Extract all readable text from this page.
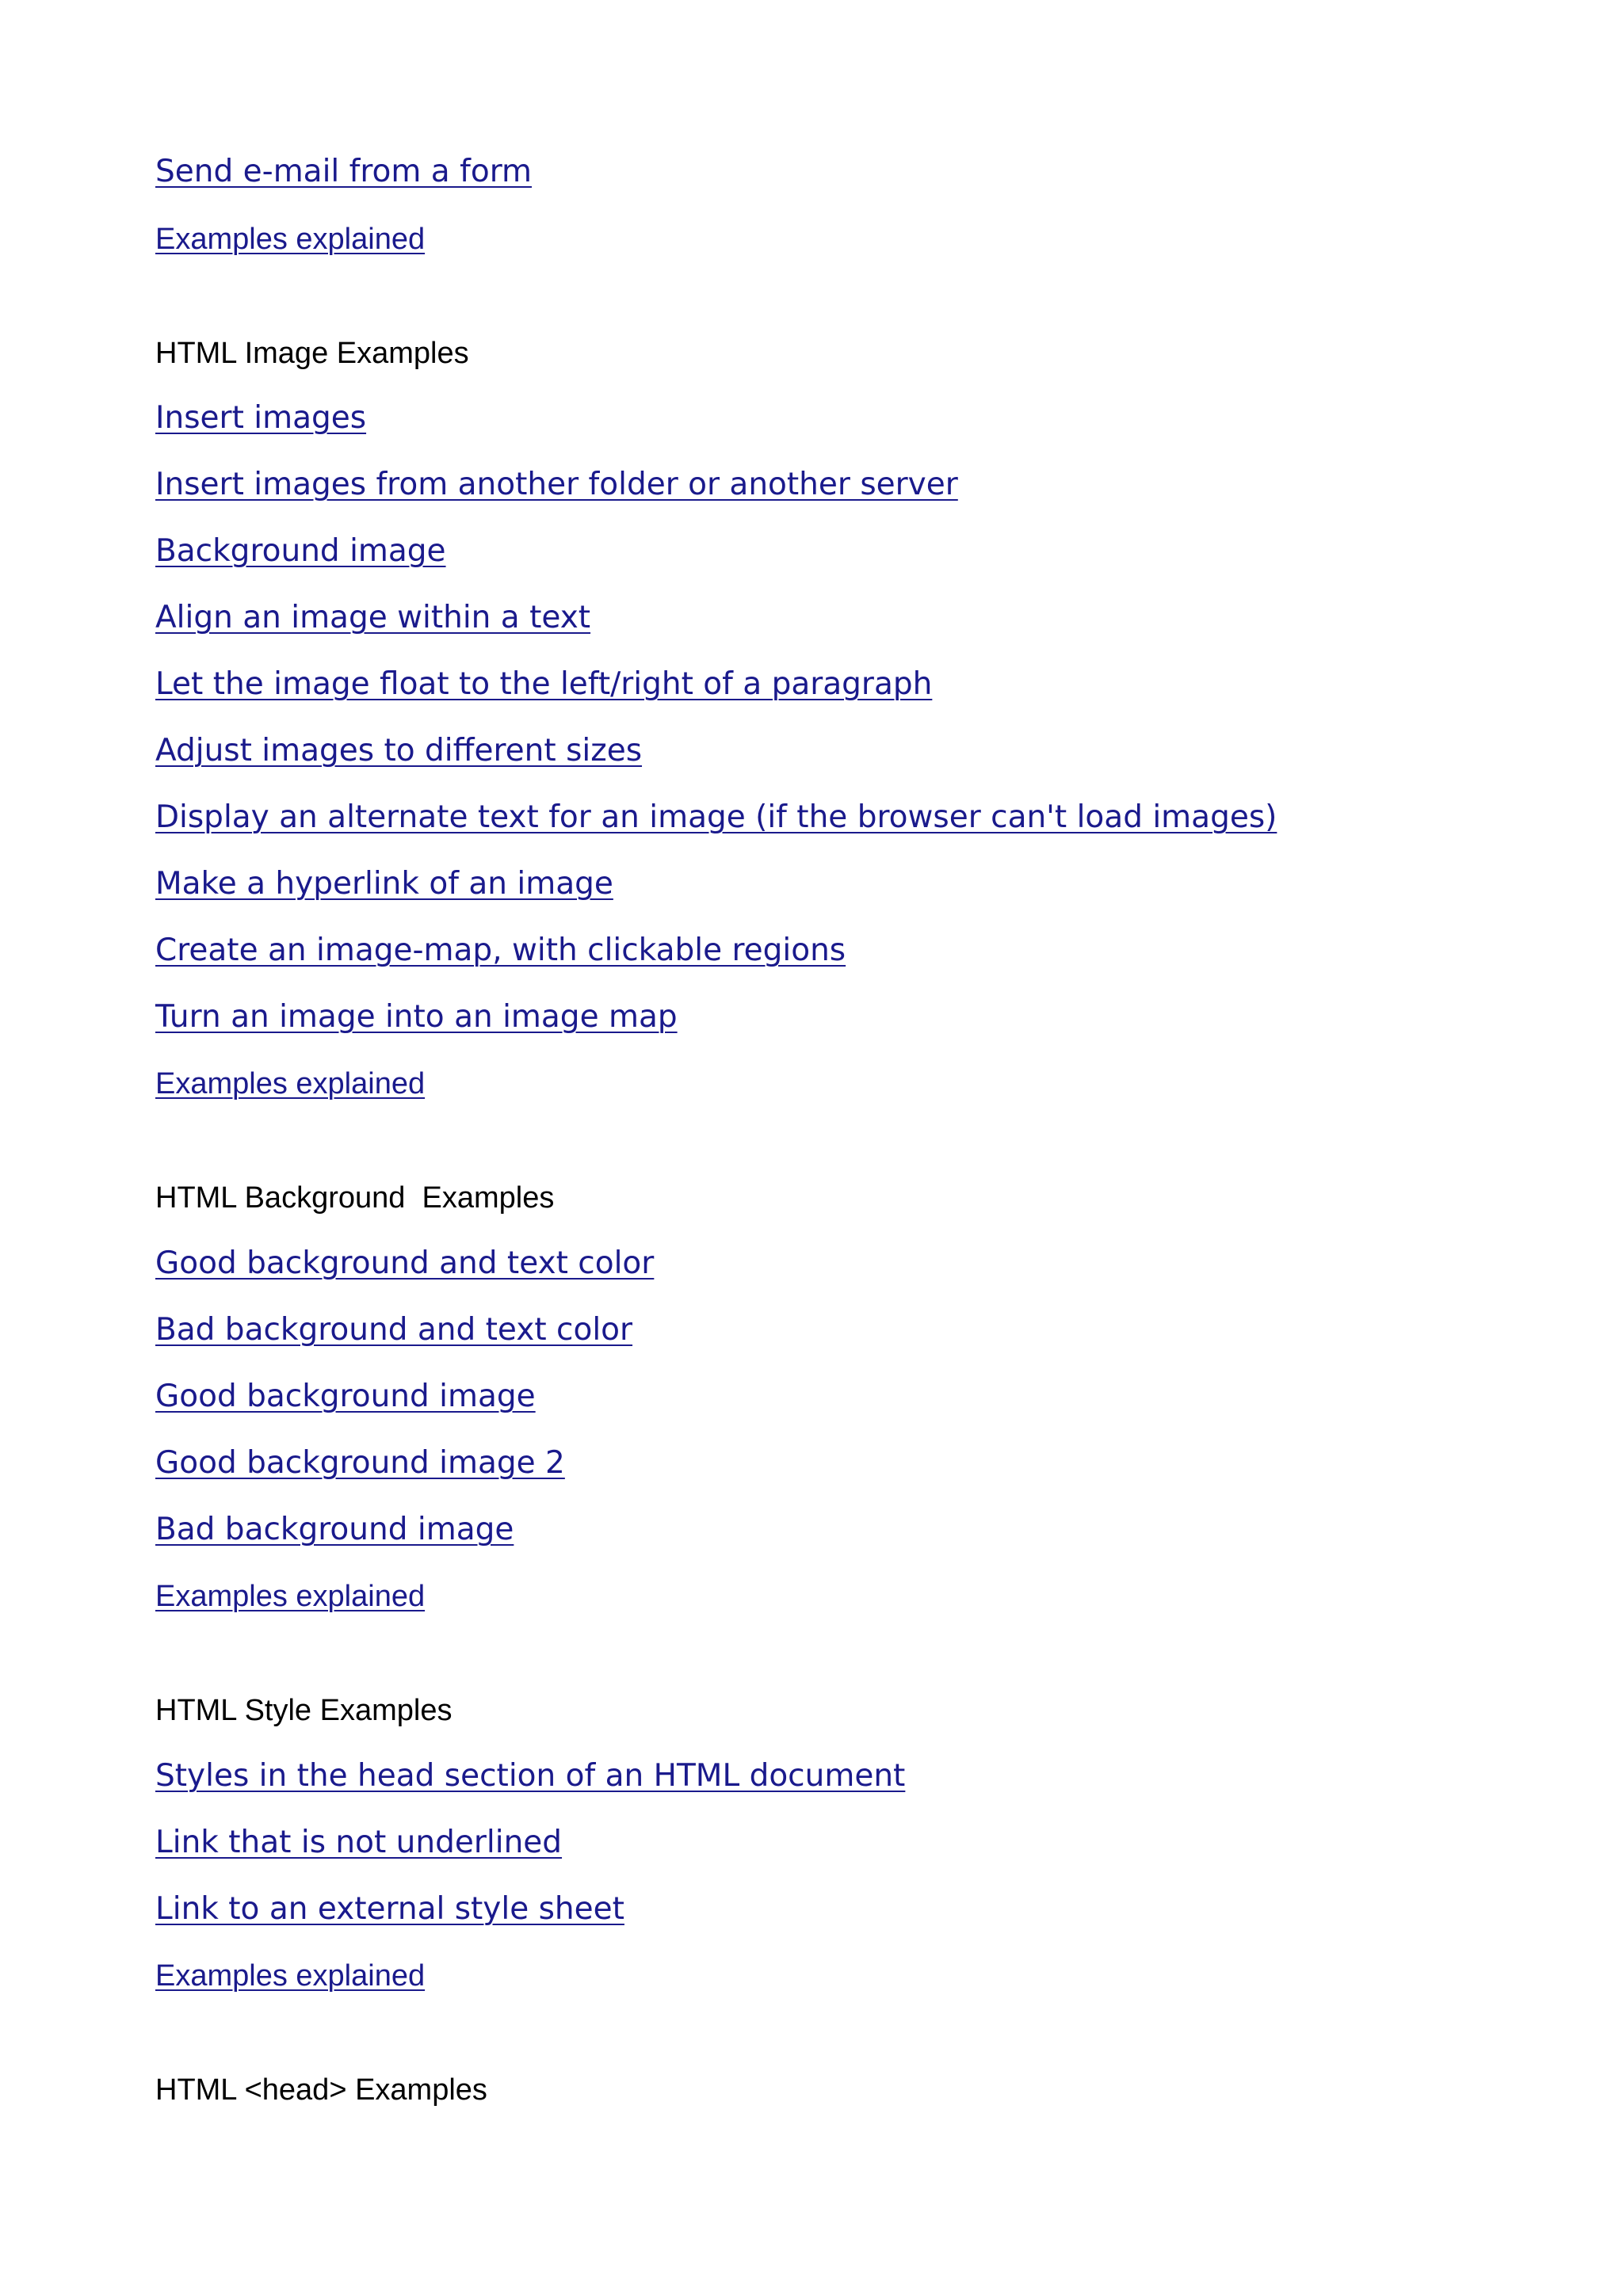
Send e-mail from a form
Examples explained
HTML Image Examples
Insert images
Insert images from another folder or another server
Background image
Align an image within a text
Let the image float to the left/right of a paragraph
Adjust images to different sizes
Display an alternate text for an image (if the browser can't load images)
Make a hyperlink of an image
Create an image-map, with clickable regions
Turn an image into an image map
Examples explained
HTML Background  Examples
Good background and text color
Bad background and text color
Good background image
Good background image 2
Bad background image
Examples explained
HTML Style Examples
Styles in the head section of an HTML document
Link that is not underlined
Link to an external style sheet
Examples explained
HTML <head> Examples
